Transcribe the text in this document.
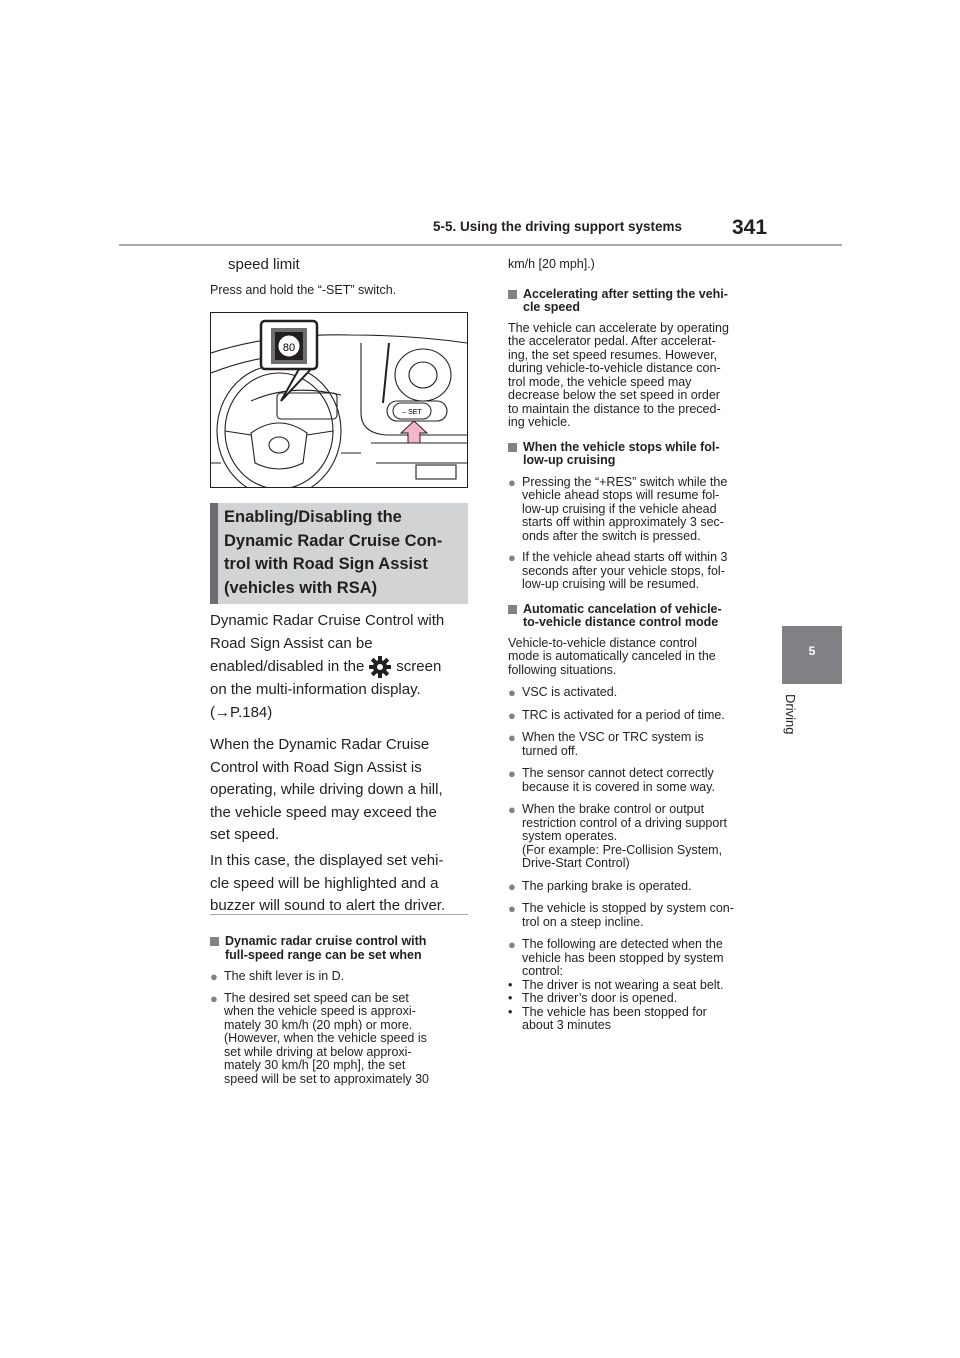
5-5. Using the driving support systems 341
5
Driving
speed limit
Press and hold the “-SET” switch.
80
– SET
Enabling/Disabling the
Dynamic Radar Cruise Con-
trol with Road Sign Assist
(vehicles with RSA)
Dynamic Radar Cruise Control with
Road Sign Assist can be
enabled/disabled in the screen
on the multi-information display.
(→P.184)
When the Dynamic Radar Cruise
Control with Road Sign Assist is
operating, while driving down a hill,
the vehicle speed may exceed the
set speed.
In this case, the displayed set vehi-
cle speed will be highlighted and a
buzzer will sound to alert the driver.
Dynamic radar cruise control with
full-speed range can be set when
● The shift lever is in D.
● The desired set speed can be set
when the vehicle speed is approxi-
mately 30 km/h (20 mph) or more.
(However, when the vehicle speed is
set while driving at below approxi-
mately 30 km/h [20 mph], the set
speed will be set to approximately 30
km/h [20 mph].)
Accelerating after setting the vehi-
cle speed
The vehicle can accelerate by operating
the accelerator pedal. After accelerat-
ing, the set speed resumes. However,
during vehicle-to-vehicle distance con-
trol mode, the vehicle speed may
decrease below the set speed in order
to maintain the distance to the preced-
ing vehicle.
When the vehicle stops while fol-
low-up cruising
● Pressing the “+RES” switch while the
vehicle ahead stops will resume fol-
low-up cruising if the vehicle ahead
starts off within approximately 3 sec-
onds after the switch is pressed.
● If the vehicle ahead starts off within 3
seconds after your vehicle stops, fol-
low-up cruising will be resumed.
Automatic cancelation of vehicle-
to-vehicle distance control mode
Vehicle-to-vehicle distance control
mode is automatically canceled in the
following situations.
● VSC is activated.
● TRC is activated for a period of time.
● When the VSC or TRC system is
turned off.
● The sensor cannot detect correctly
because it is covered in some way.
● When the brake control or output
restriction control of a driving support
system operates.
(For example: Pre-Collision System,
Drive-Start Control)
● The parking brake is operated.
● The vehicle is stopped by system con-
trol on a steep incline.
● The following are detected when the
vehicle has been stopped by system
control:
• The driver is not wearing a seat belt.
• The driver’s door is opened.
• The vehicle has been stopped for
about 3 minutes
